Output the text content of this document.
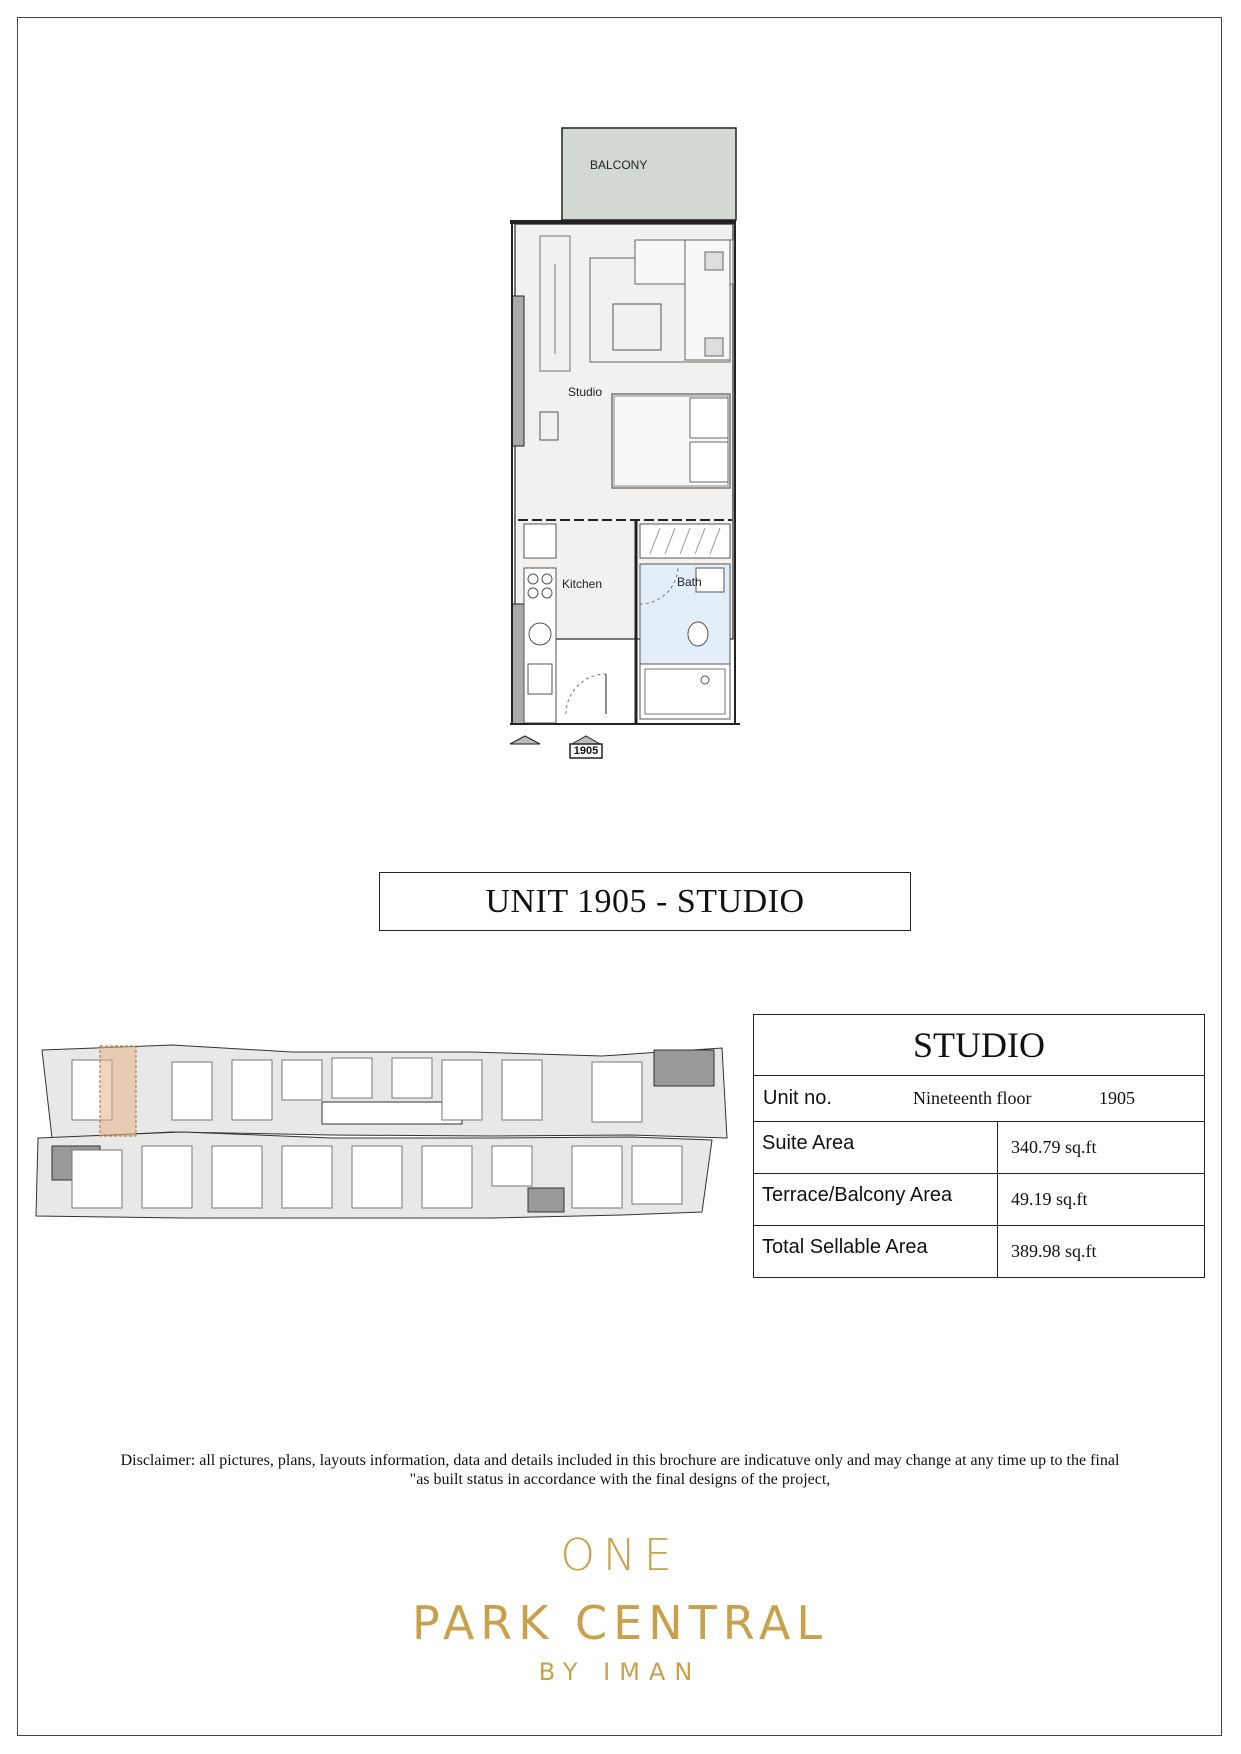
BALCONY
Studio
Kitchen	Bath
1905
UNIT 1905 - STUDIO
STUDIO	

Unit no. Nineteenth floor 1905	

Suite Area	340.79 sq.ft
Terrace/Balcony Area	49.19 sq.ft
Total Sellable Area	389.98 sq.ft
Disclaimer: all pictures, plans, layouts information, data and details included in this brochure are indicatuve only and may change at any time up to the final
"as built status in accordance with the final designs of the project,
ONE
PARK CENTRAL
BY IMAN
